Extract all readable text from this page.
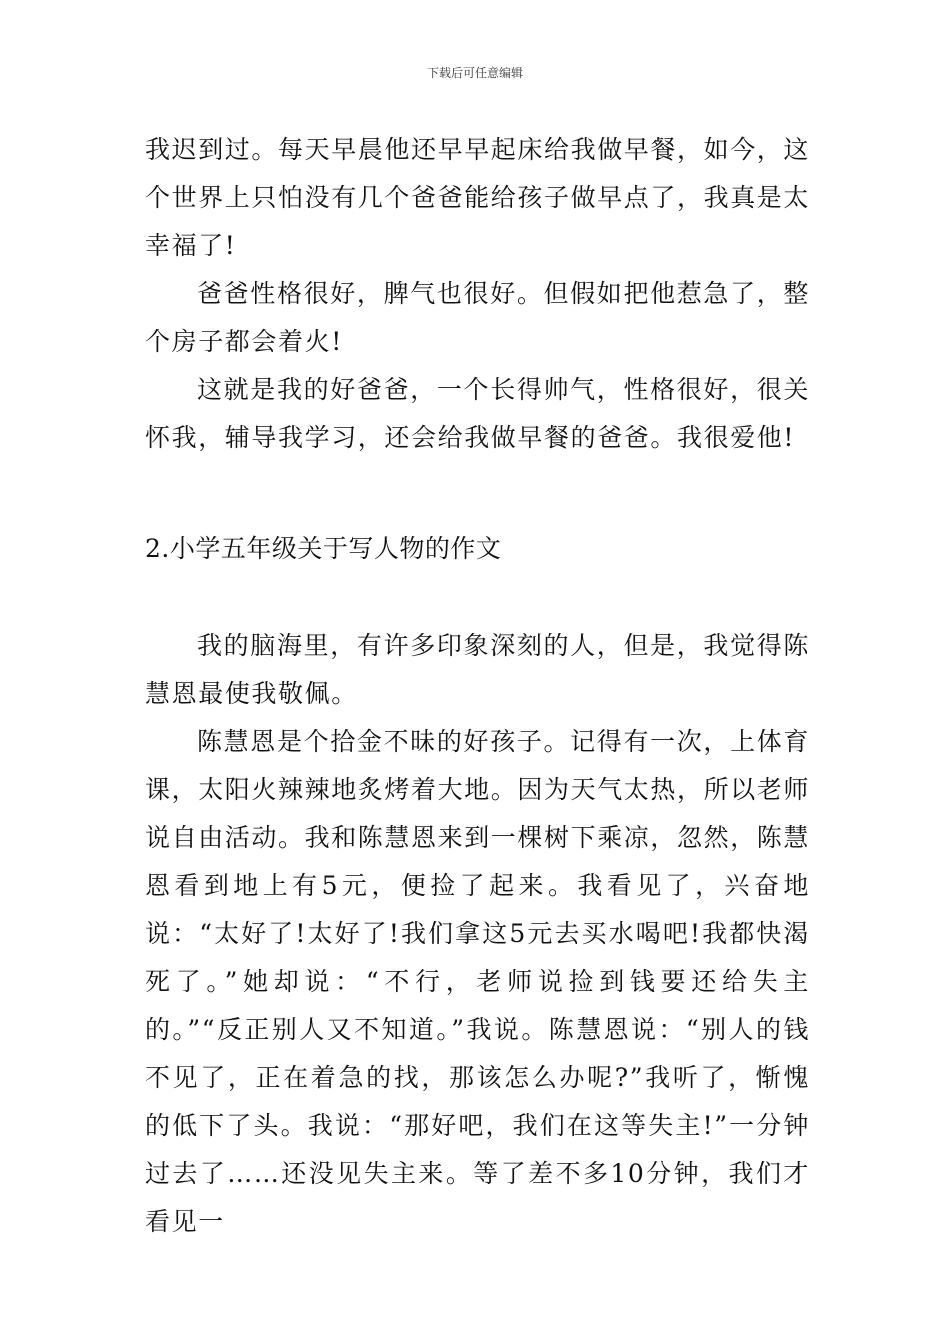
下载后可任意编辑

我迟到过。每天早晨他还早早起床给我做早餐，如今，这个世界上只怕没有几个爸爸能给孩子做早点了，我真是太幸福了!

爸爸性格很好，脾气也很好。但假如把他惹急了，整个房子都会着火!

这就是我的好爸爸，一个长得帅气，性格很好，很关怀我，辅导我学习，还会给我做早餐的爸爸。我很爱他!

2.小学五年级关于写人物的作文

我的脑海里，有许多印象深刻的人，但是，我觉得陈慧恩最使我敬佩。

陈慧恩是个拾金不昧的好孩子。记得有一次，上体育课，太阳火辣辣地炙烤着大地。因为天气太热，所以老师说自由活动。我和陈慧恩来到一棵树下乘凉，忽然，陈慧恩看到地上有5元，便捡了起来。我看见了，兴奋地说：“太好了!太好了!我们拿这5元去买水喝吧!我都快渴死了。”她却说：“不行，老师说捡到钱要还给失主的。”“反正别人又不知道。”我说。陈慧恩说：“别人的钱不见了，正在着急的找，那该怎么办呢?”我听了，惭愧的低下了头。我说：“那好吧，我们在这等失主!”一分钟过去了……还没见失主来。等了差不多10分钟，我们才看见一
